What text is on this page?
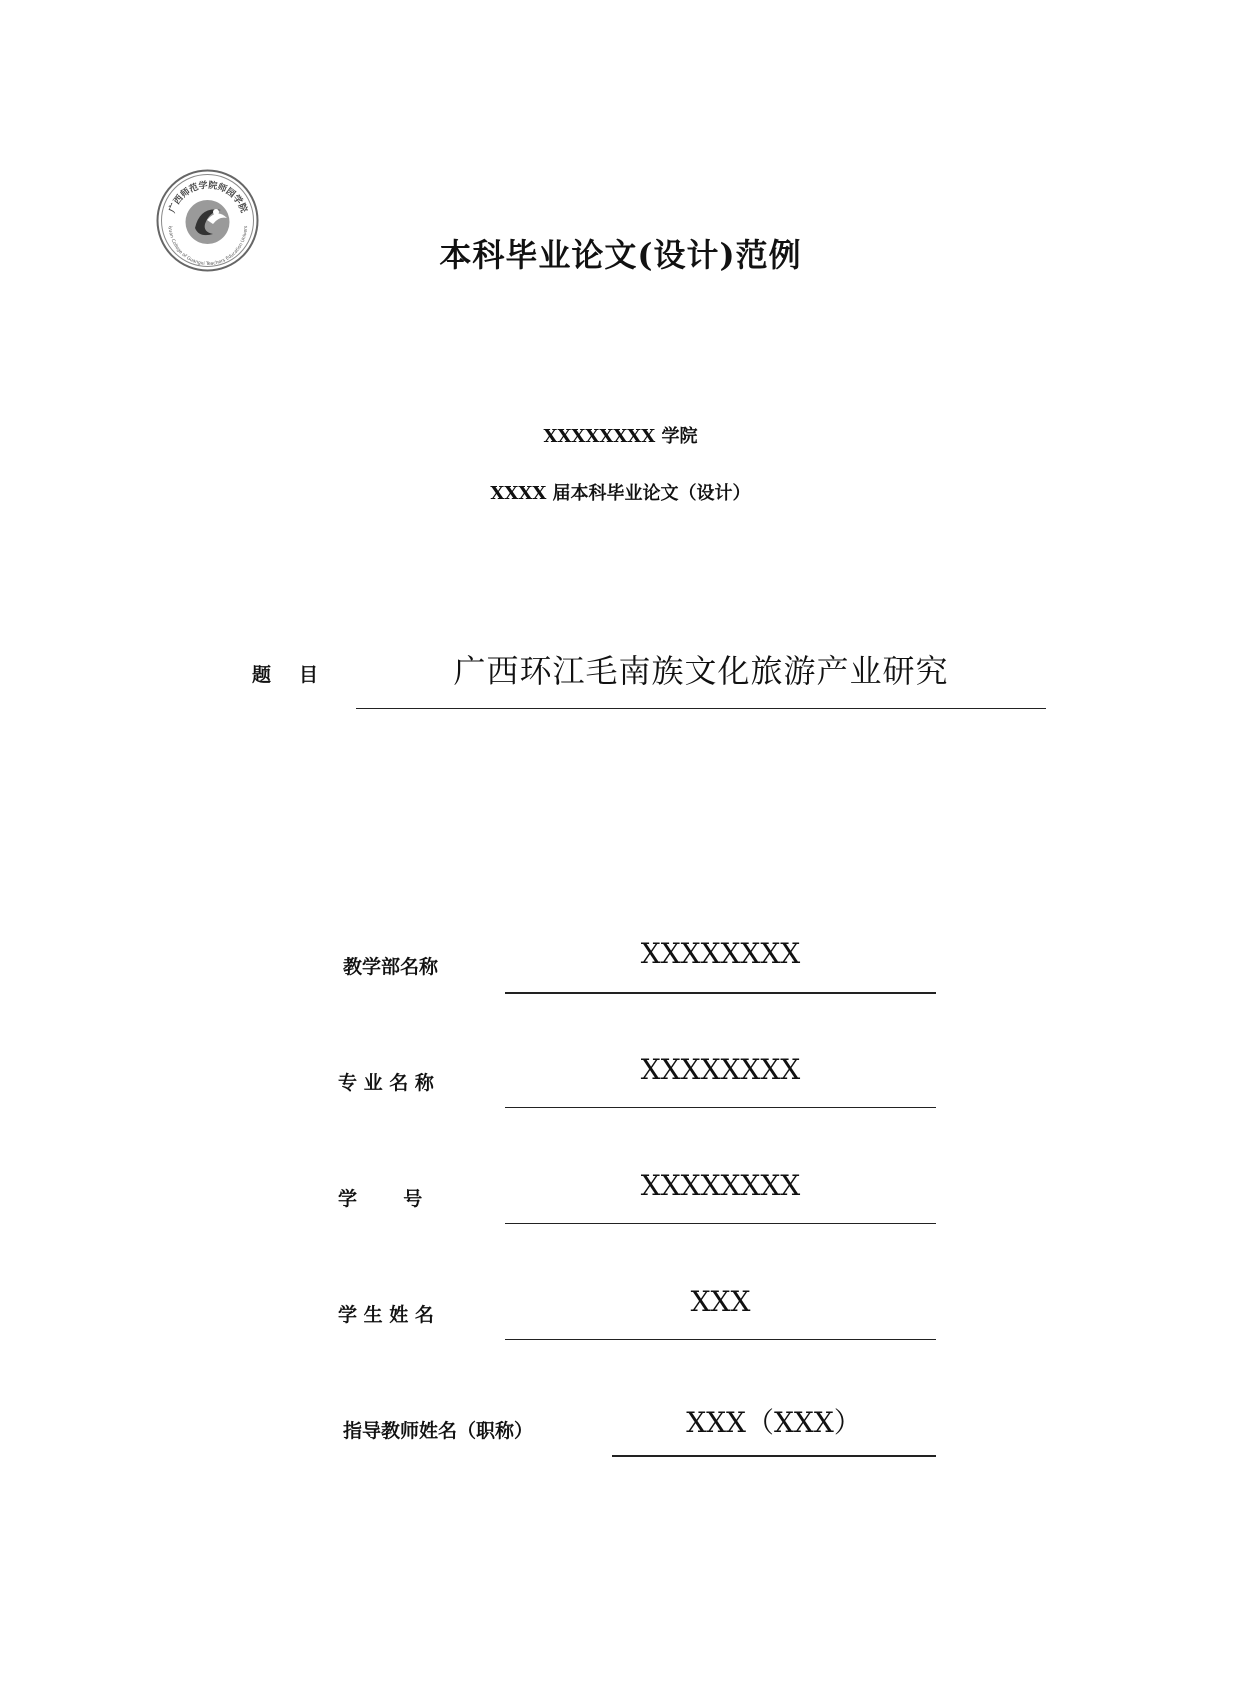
广西师范学院师园学院
iyuan College of Guangxi Teachers Education Univers
本科毕业论文(设计)范例
XXXXXXXX 学院
XXXX 届本科毕业论文（设计）
题目	广西环江毛南族文化旅游产业研究
教学部名称	XXXXXXXX
专 业 名 称	XXXXXXXX
学       号	XXXXXXXX
学 生 姓 名	XXX
指导教师姓名（职称）	XXX（XXX）
